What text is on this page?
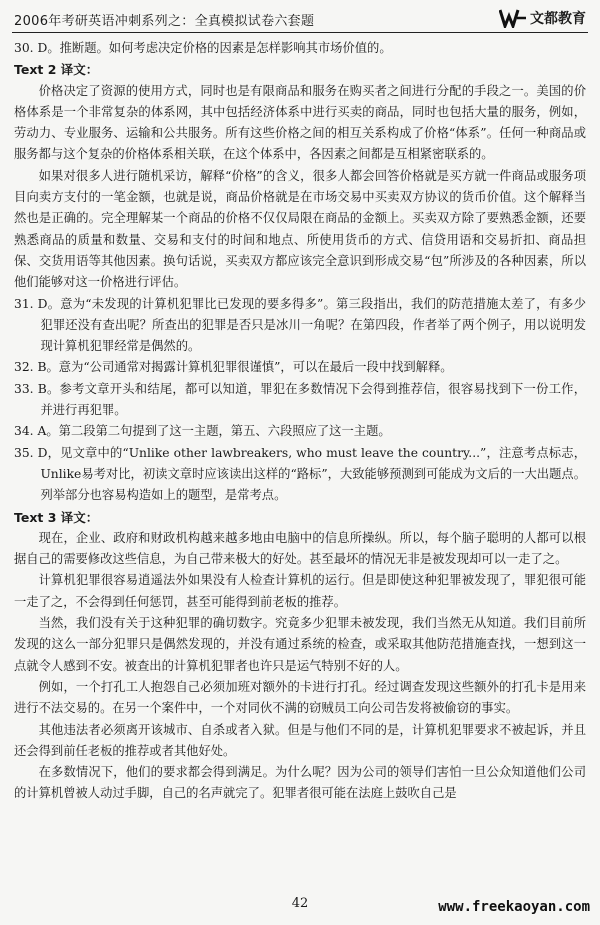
2006年考研英语冲刺系列之：全真模拟试卷六套题	文都教育

30. D。推断题。如何考虑决定价格的因素是怎样影响其市场价值的。

Text 2 译文：

价格决定了资源的使用方式，同时也是有限商品和服务在购买者之间进行分配的手段之一。美国的价格体系是一个非常复杂的体系网，其中包括经济体系中进行买卖的商品，同时也包括大量的服务，例如，劳动力、专业服务、运输和公共服务。所有这些价格之间的相互关系构成了价格“体系”。任何一种商品或服务都与这个复杂的价格体系相关联，在这个体系中，各因素之间都是互相紧密联系的。

如果对很多人进行随机采访，解释“价格”的含义，很多人都会回答价格就是买方就一件商品或服务项目向卖方支付的一笔金额，也就是说，商品价格就是在市场交易中买卖双方协议的货币价值。这个解释当然也是正确的。完全理解某一个商品的价格不仅仅局限在商品的金额上。买卖双方除了要熟悉金额，还要熟悉商品的质量和数量、交易和支付的时间和地点、所使用货币的方式、信贷用语和交易折扣、商品担保、交货用语等其他因素。换句话说，买卖双方都应该完全意识到形成交易“包”所涉及的各种因素，所以他们能够对这一价格进行评估。

31. D。意为“未发现的计算机犯罪比已发现的要多得多”。第三段指出，我们的防范措施太差了，有多少犯罪还没有查出呢？所查出的犯罪是否只是冰川一角呢？在第四段，作者举了两个例子，用以说明发现计算机犯罪经常是偶然的。

32. B。意为“公司通常对揭露计算机犯罪很谨慎”，可以在最后一段中找到解释。

33. B。参考文章开头和结尾，都可以知道，罪犯在多数情况下会得到推荐信，很容易找到下一份工作，并进行再犯罪。

34. A。第二段第二句提到了这一主题，第五、六段照应了这一主题。

35. D，见文章中的“Unlike other lawbreakers, who must leave the country...”，注意考点标志，Unlike易考对比，初读文章时应该读出这样的“路标”，大致能够预测到可能成为文后的一大出题点。列举部分也容易构造如上的题型，是常考点。

Text 3 译文：

现在，企业、政府和财政机构越来越多地由电脑中的信息所操纵。所以，每个脑子聪明的人都可以根据自己的需要修改这些信息，为自己带来极大的好处。甚至最坏的情况无非是被发现却可以一走了之。

计算机犯罪很容易逍遥法外如果没有人检查计算机的运行。但是即使这种犯罪被发现了，罪犯很可能一走了之，不会得到任何惩罚，甚至可能得到前老板的推荐。

当然，我们没有关于这种犯罪的确切数字。究竟多少犯罪未被发现，我们当然无从知道。我们目前所发现的这么一部分犯罪只是偶然发现的，并没有通过系统的检查，或采取其他防范措施查找，一想到这一点就令人感到不安。被查出的计算机犯罪者也许只是运气特别不好的人。

例如，一个打孔工人抱怨自己必须加班对额外的卡进行打孔。经过调查发现这些额外的打孔卡是用来进行不法交易的。在另一个案件中，一个对同伙不满的窃贼员工向公司告发将被偷窃的事实。

其他违法者必须离开该城市、自杀或者入狱。但是与他们不同的是，计算机犯罪要求不被起诉，并且还会得到前任老板的推荐或者其他好处。

在多数情况下，他们的要求都会得到满足。为什么呢？因为公司的领导们害怕一旦公众知道他们公司的计算机曾被人动过手脚，自己的名声就完了。犯罪者很可能在法庭上鼓吹自己是

42	www.freekaoyan.com
